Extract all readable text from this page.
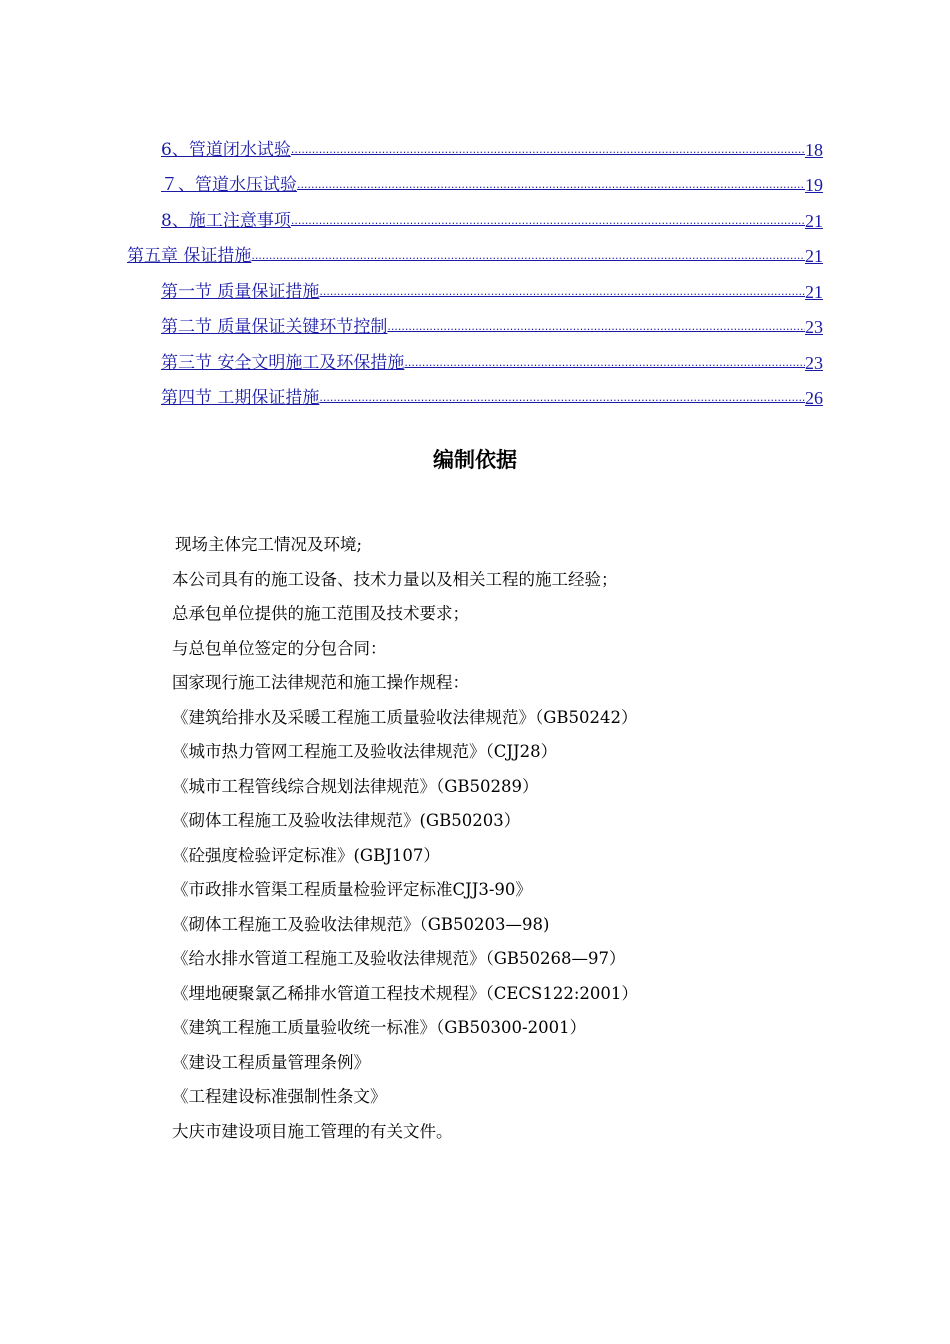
6、管道闭水试验 .....	18
７、管道水压试验 .....	19
8、施工注意事项 .....	21
第五章 保证措施 .....	21
第一节 质量保证措施 .....	21
第二节 质量保证关键环节控制 .....	23
第三节 安全文明施工及环保措施 .....	23
第四节 工期保证措施 .....	26
编制依据
现场主体完工情况及环境;
本公司具有的施工设备、技术力量以及相关工程的施工经验；
总承包单位提供的施工范围及技术要求；
与总包单位签定的分包合同：
国家现行施工法律规范和施工操作规程：
《建筑给排水及采暖工程施工质量验收法律规范》（GB50242）
《城市热力管网工程施工及验收法律规范》（CJJ28）
《城市工程管线综合规划法律规范》（GB50289）
《砌体工程施工及验收法律规范》(GB50203）
《砼强度检验评定标准》(GBJ107）
《市政排水管渠工程质量检验评定标准CJJ3-90》
《砌体工程施工及验收法律规范》（GB50203—98)
《给水排水管道工程施工及验收法律规范》（GB50268—97）
《埋地硬聚氯乙稀排水管道工程技术规程》（CECS122:2001）
《建筑工程施工质量验收统一标准》（GB50300-2001）
《建设工程质量管理条例》
《工程建设标准强制性条文》
大庆市建设项目施工管理的有关文件。
